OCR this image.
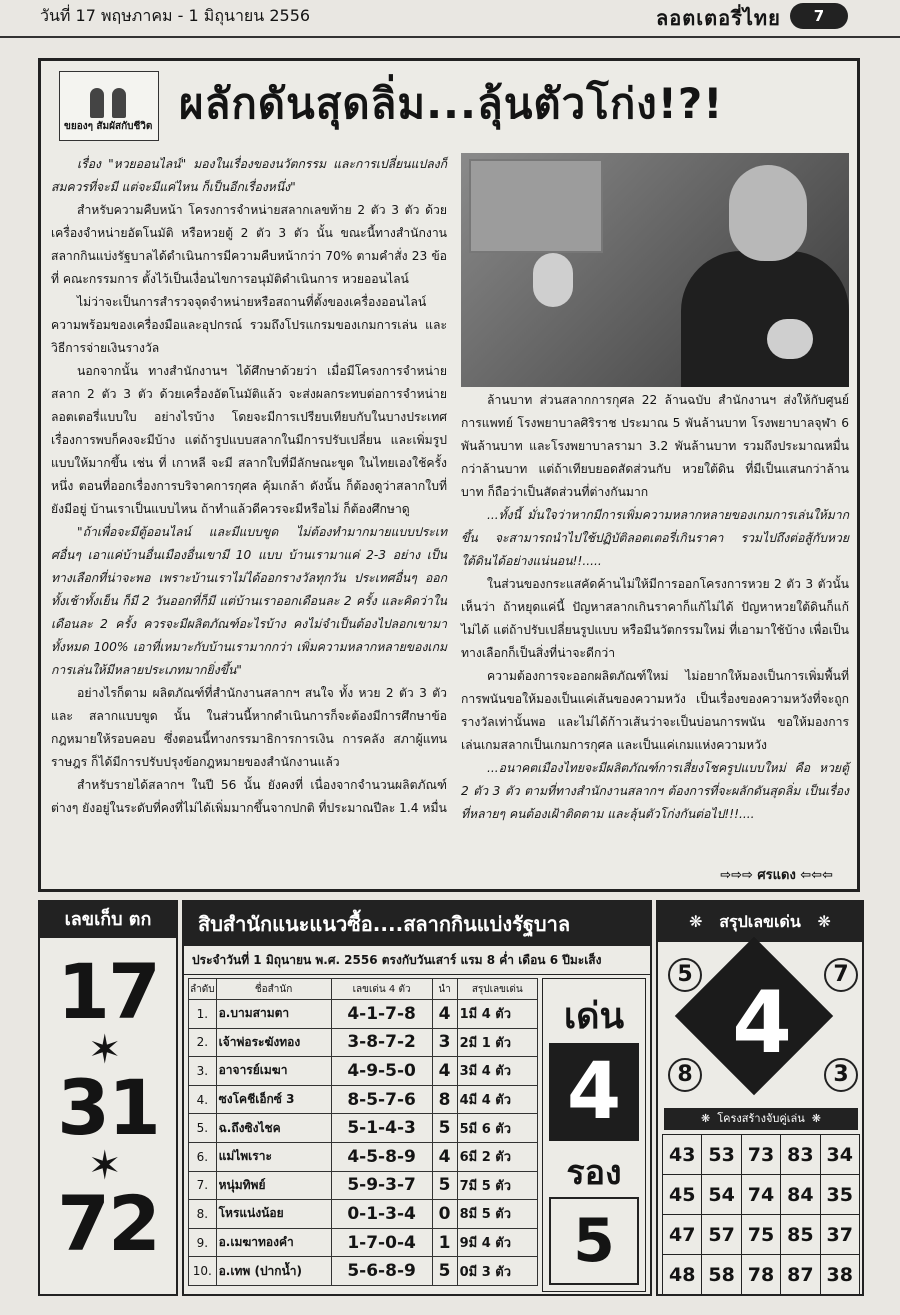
วันที่ 17 พฤษภาคม - 1 มิถุนายน 2556	ลอตเตอรี่ไทย	7
ขยองๆ สัมผัสกับชีวิต ผลักดันสุดลิ่ม...ลุ้นตัวโก่ง!?!

เรื่อง "หวยออนไลน์" มองในเรื่องของนวัตกรรม และการเปลี่ยนแปลงก็สมควรที่จะมี แต่จะมีแค่ไหน ก็เป็นอีกเรื่องหนึ่ง"

สำหรับความคืบหน้า โครงการจำหน่ายสลากเลขท้าย 2 ตัว 3 ตัว ด้วยเครื่องจำหน่ายอัตโนมัติ หรือหวยตู้ 2 ตัว 3 ตัว นั้น ขณะนี้ทางสำนักงานสลากกินแบ่งรัฐบาลได้ดำเนินการมีความคืบหน้ากว่า 70% ตามคำสั่ง 23 ข้อที่ คณะกรรมการ ตั้งไว้เป็นเงื่อนไขการอนุมัติดำเนินการ หวยออนไลน์

ไม่ว่าจะเป็นการสำรวจจุดจำหน่ายหรือสถานที่ตั้งของเครื่องออนไลน์ ความพร้อมของเครื่องมือและอุปกรณ์ รวมถึงโปรแกรมของเกมการเล่น และวิธีการจ่ายเงินรางวัล

นอกจากนั้น ทางสำนักงานฯ ได้ศึกษาด้วยว่า เมื่อมีโครงการจำหน่ายสลาก 2 ตัว 3 ตัว ด้วยเครื่องอัตโนมัติแล้ว จะส่งผลกระทบต่อการจำหน่าย ลอตเตอรี่แบบใบ อย่างไรบ้าง โดยจะมีการเปรียบเทียบกับในบางประเทศ เรื่องการพบก็คงจะมีบ้าง แต่ถ้ารูปแบบสลากในมีการปรับเปลี่ยน และเพิ่มรูปแบบให้มากขึ้น เช่น ที่ เกาหลี จะมี สลากใบที่มีลักษณะขูด ในไทยเองใช้ครั้งหนึ่ง ตอนที่ออกเรื่องการบริจาคการกุศล คุ้มเกล้า ดังนั้น ก็ต้องดูว่าสลากใบที่ยังมีอยู่ บ้านเราเป็นแบบไหน ถ้าทำแล้วดีควรจะมีหรือไม่ ก็ต้องศึกษาดู

"ถ้าเพื่อจะมีตู้ออนไลน์ และมีแบบขูด ไม่ต้องทำมากมายแบบประเทศอื่นๆ เอาแค่บ้านอื่นเมืองอื่นเขามี 10 แบบ บ้านเรามาแค่ 2-3 อย่าง เป็นทางเลือกที่น่าจะพอ เพราะบ้านเราไม่ได้ออกรางวัลทุกวัน ประเทศอื่นๆ ออกทั้งเช้าทั้งเย็น ก็มี 2 วันออกที่ก็มี แต่บ้านเราออกเดือนละ 2 ครั้ง และคิดว่าในเดือนละ 2 ครั้ง ควรจะมีผลิตภัณฑ์อะไรบ้าง คงไม่จำเป็นต้องไปลอกเขามาทั้งหมด 100% เอาที่เหมาะกับบ้านเรามากกว่า เพิ่มความหลากหลายของเกมการเล่นให้มีหลายประเภทมากยิ่งขึ้น"

อย่างไรก็ตาม ผลิตภัณฑ์ที่สำนักงานสลากฯ สนใจ ทั้ง หวย 2 ตัว 3 ตัว และ สลากแบบขูด นั้น ในส่วนนี้หากดำเนินการก็จะต้องมีการศึกษาข้อกฎหมายให้รอบคอบ ซึ่งตอนนี้ทางกรรมาธิการการเงิน การคลัง สภาผู้แทนราษฎร ก็ได้มีการปรับปรุงข้อกฎหมายของสำนักงานแล้ว

สำหรับรายได้สลากฯ ในปี 56 นั้น ยังคงที่ เนื่องจากจำนวนผลิตภัณฑ์ต่างๆ ยังอยู่ในระดับที่คงที่ไม่ได้เพิ่มมากขึ้นจากปกติ ที่ประมาณปีละ 1.4 หมื่น

ล้านบาท ส่วนสลากการกุศล 22 ล้านฉบับ สำนักงานฯ ส่งให้กับศูนย์การแพทย์ โรงพยาบาลศิริราช ประมาณ 5 พันล้านบาท โรงพยาบาลจุฬา 6 พันล้านบาท และโรงพยาบาลรามา 3.2 พันล้านบาท รวมถึงประมาณหมื่นกว่าล้านบาท แต่ถ้าเทียบยอดสัดส่วนกับ หวยใต้ดิน ที่มีเป็นแสนกว่าล้านบาท ก็ถือว่าเป็นสัดส่วนที่ต่างกันมาก

...ทั้งนี้ มั่นใจว่าหากมีการเพิ่มความหลากหลายของเกมการเล่นให้มากขึ้น จะสามารถนำไปใช้ปฏิบัติลอตเตอรี่เกินราคา รวมไปถึงต่อสู้กับหวยใต้ดินได้อย่างแน่นอน!!.....

ในส่วนของกระแสคัดค้านไม่ให้มีการออกโครงการหวย 2 ตัว 3 ตัวนั้น เห็นว่า ถ้าหยุดแค่นี้ ปัญหาสลากเกินราคาก็แก้ไม่ได้ ปัญหาหวยใต้ดินก็แก้ไม่ได้ แต่ถ้าปรับเปลี่ยนรูปแบบ หรือมีนวัตกรรมใหม่ ที่เอามาใช้บ้าง เพื่อเป็นทางเลือกก็เป็นสิ่งที่น่าจะดีกว่า

ความต้องการจะออกผลิตภัณฑ์ใหม่ ไม่อยากให้มองเป็นการเพิ่มพื้นที่การพนันขอให้มองเป็นแค่เส้นของความหวัง เป็นเรื่องของความหวังที่จะถูกรางวัลเท่านั้นพอ และไม่ได้ก้าวเส้นว่าจะเป็นบ่อนการพนัน ขอให้มองการเล่นเกมสลากเป็นเกมการกุศล และเป็นแค่เกมแห่งความหวัง

...อนาคตเมืองไทยจะมีผลิตภัณฑ์การเสี่ยงโชครูปแบบใหม่ คือ หวยตู้ 2 ตัว 3 ตัว ตามที่ทางสำนักงานสลากฯ ต้องการที่จะผลักดันสุดลิ่ม เป็นเรื่องที่หลายๆ คนต้องเฝ้าติดตาม และลุ้นตัวโก่งกันต่อไป!!!....

⇨⇨⇨ ศรแดง ⇦⇦⇦
เลขเก็บ ตก
17
✶
31
✶
72
สิบสำนักแนะแนวซื้อ....สลากกินแบ่งรัฐบาล
ประจำวันที่ 1 มิถุนายน พ.ศ. 2556 ตรงกับวันเสาร์ แรม 8 ค่ำ เดือน 6 ปีมะเส็ง
ลำดับ	ชื่อสำนัก	เลขเด่น 4 ตัว	นำ	สรุปเลขเด่น
1.	อ.บามสามตา	4-1-7-8	4	1มี 4 ตัว
2.	เจ้าพ่อระฆังทอง	3-8-7-2	3	2มี 1 ตัว
3.	อาจารย์เมฆา	4-9-5-0	4	3มี 4 ตัว
4.	ซงโคชีเอ็กซ์ 3	8-5-7-6	8	4มี 4 ตัว
5.	ฉ.ถึงซิงไชค	5-1-4-3	5	5มี 6 ตัว
6.	แม่ไพเราะ	4-5-8-9	4	6มี 2 ตัว
7.	หนุ่มทิพย์	5-9-3-7	5	7มี 5 ตัว
8.	โหรแน่งน้อย	0-1-3-4	0	8มี 5 ตัว
9.	อ.เมฆาทองคำ	1-7-0-4	1	9มี 4 ตัว
10.	อ.เทพ (ปากน้ำ)	5-6-8-9	5	0มี 3 ตัว
เด่น
4
รอง
5
❋ สรุปเลขเด่น ❋
4
5	7
8	3
❋ โครงสร้างจับคู่เล่น ❋
43	53	73	83	34
45	54	74	84	35
47	57	75	85	37
48	58	78	87	38
